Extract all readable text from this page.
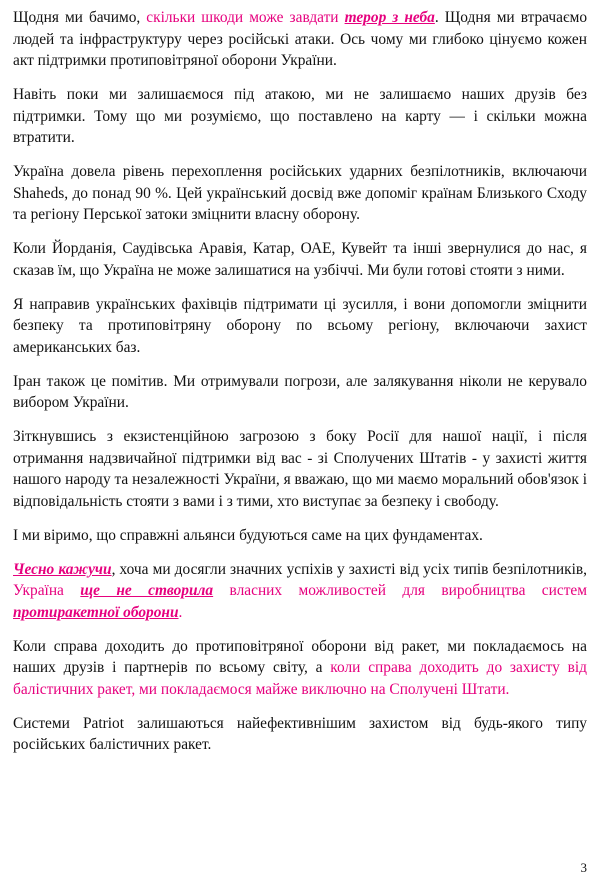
Щодня ми бачимо, скільки шкоди може завдати терор з неба. Щодня ми втрачаємо людей та інфраструктуру через російські атаки. Ось чому ми глибоко цінуємо кожен акт підтримки протиповітряної оборони України.

Навіть поки ми залишаємося під атакою, ми не залишаємо наших друзів без підтримки. Тому що ми розуміємо, що поставлено на карту — і скільки можна втратити.

Україна довела рівень перехоплення російських ударних безпілотників, включаючи Shaheds, до понад 90 %. Цей український досвід вже допоміг країнам Близького Сходу та регіону Перської затоки зміцнити власну оборону.

Коли Йорданія, Саудівська Аравія, Катар, ОАЕ, Кувейт та інші звернулися до нас, я сказав їм, що Україна не може залишатися на узбіччі. Ми були готові стояти з ними.

Я направив українських фахівців підтримати ці зусилля, і вони допомогли зміцнити безпеку та протиповітряну оборону по всьому регіону, включаючи захист американських баз.

Іран також це помітив. Ми отримували погрози, але залякування ніколи не керувало вибором України.

Зіткнувшись з екзистенційною загрозою з боку Росії для нашої нації, і після отримання надзвичайної підтримки від вас - зі Сполучених Штатів - у захисті життя нашого народу та незалежності України, я вважаю, що ми маємо моральний обов'язок і відповідальність стояти з вами і з тими, хто виступає за безпеку і свободу.

І ми віримо, що справжні альянси будуються саме на цих фундаментах.

Чесно кажучи, хоча ми досягли значних успіхів у захисті від усіх типів безпілотників, Україна ще не створила власних можливостей для виробництва систем протиракетної оборони.

Коли справа доходить до протиповітряної оборони від ракет, ми покладаємось на наших друзів і партнерів по всьому світу, а коли справа доходить до захисту від балістичних ракет, ми покладаємося майже виключно на Сполучені Штати.

Системи Patriot залишаються найефективнішим захистом від будь-якого типу російських балістичних ракет.

3
